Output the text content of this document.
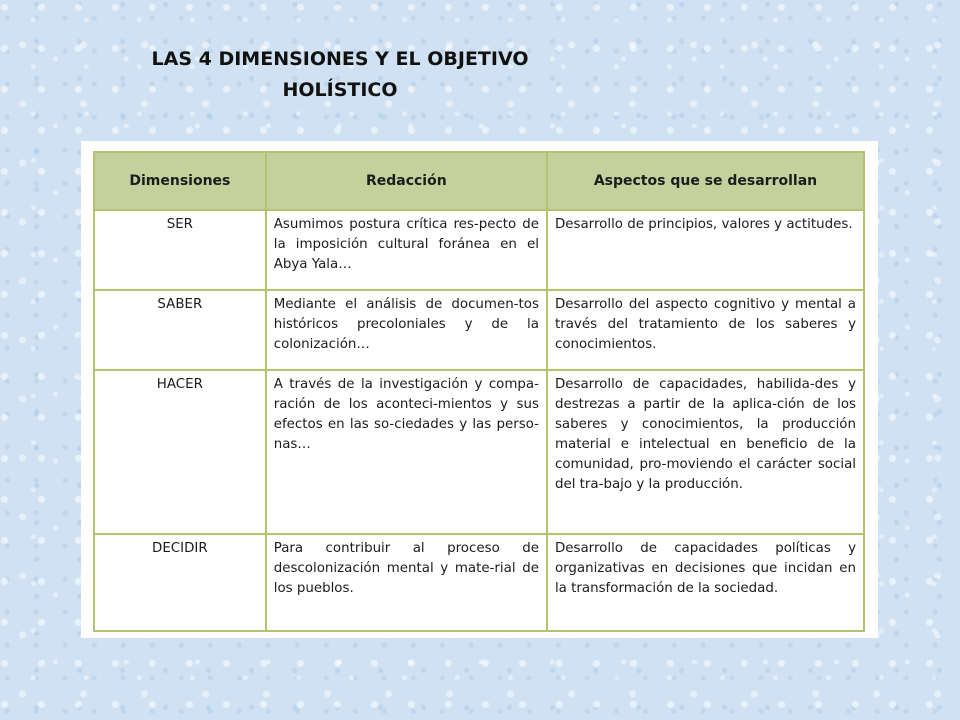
LAS 4 DIMENSIONES Y EL OBJETIVO
HOLÍSTICO
Dimensiones	Redacción	Aspectos que se desarrollan
SER	Asumimos postura crítica res-pecto de la imposición cultural foránea en el Abya Yala…	Desarrollo de principios, valores y actitudes.
SABER	Mediante el análisis de documen-tos históricos precoloniales y de la colonización…	Desarrollo del aspecto cognitivo y mental a través del tratamiento de los saberes y conocimientos.
HACER	A través de la investigación y compa-ración de los aconteci-mientos y sus efectos en las so-ciedades y las perso-nas…	Desarrollo de capacidades, habilida-des y destrezas a partir de la aplica-ción de los saberes y conocimientos, la producción material e intelectual en beneficio de la comunidad, pro-moviendo el carácter social del tra-bajo y la producción.
DECIDIR	Para contribuir al proceso de descolonización mental y mate-rial de los pueblos.	Desarrollo de capacidades políticas y organizativas en decisiones que incidan en la transformación de la sociedad.
